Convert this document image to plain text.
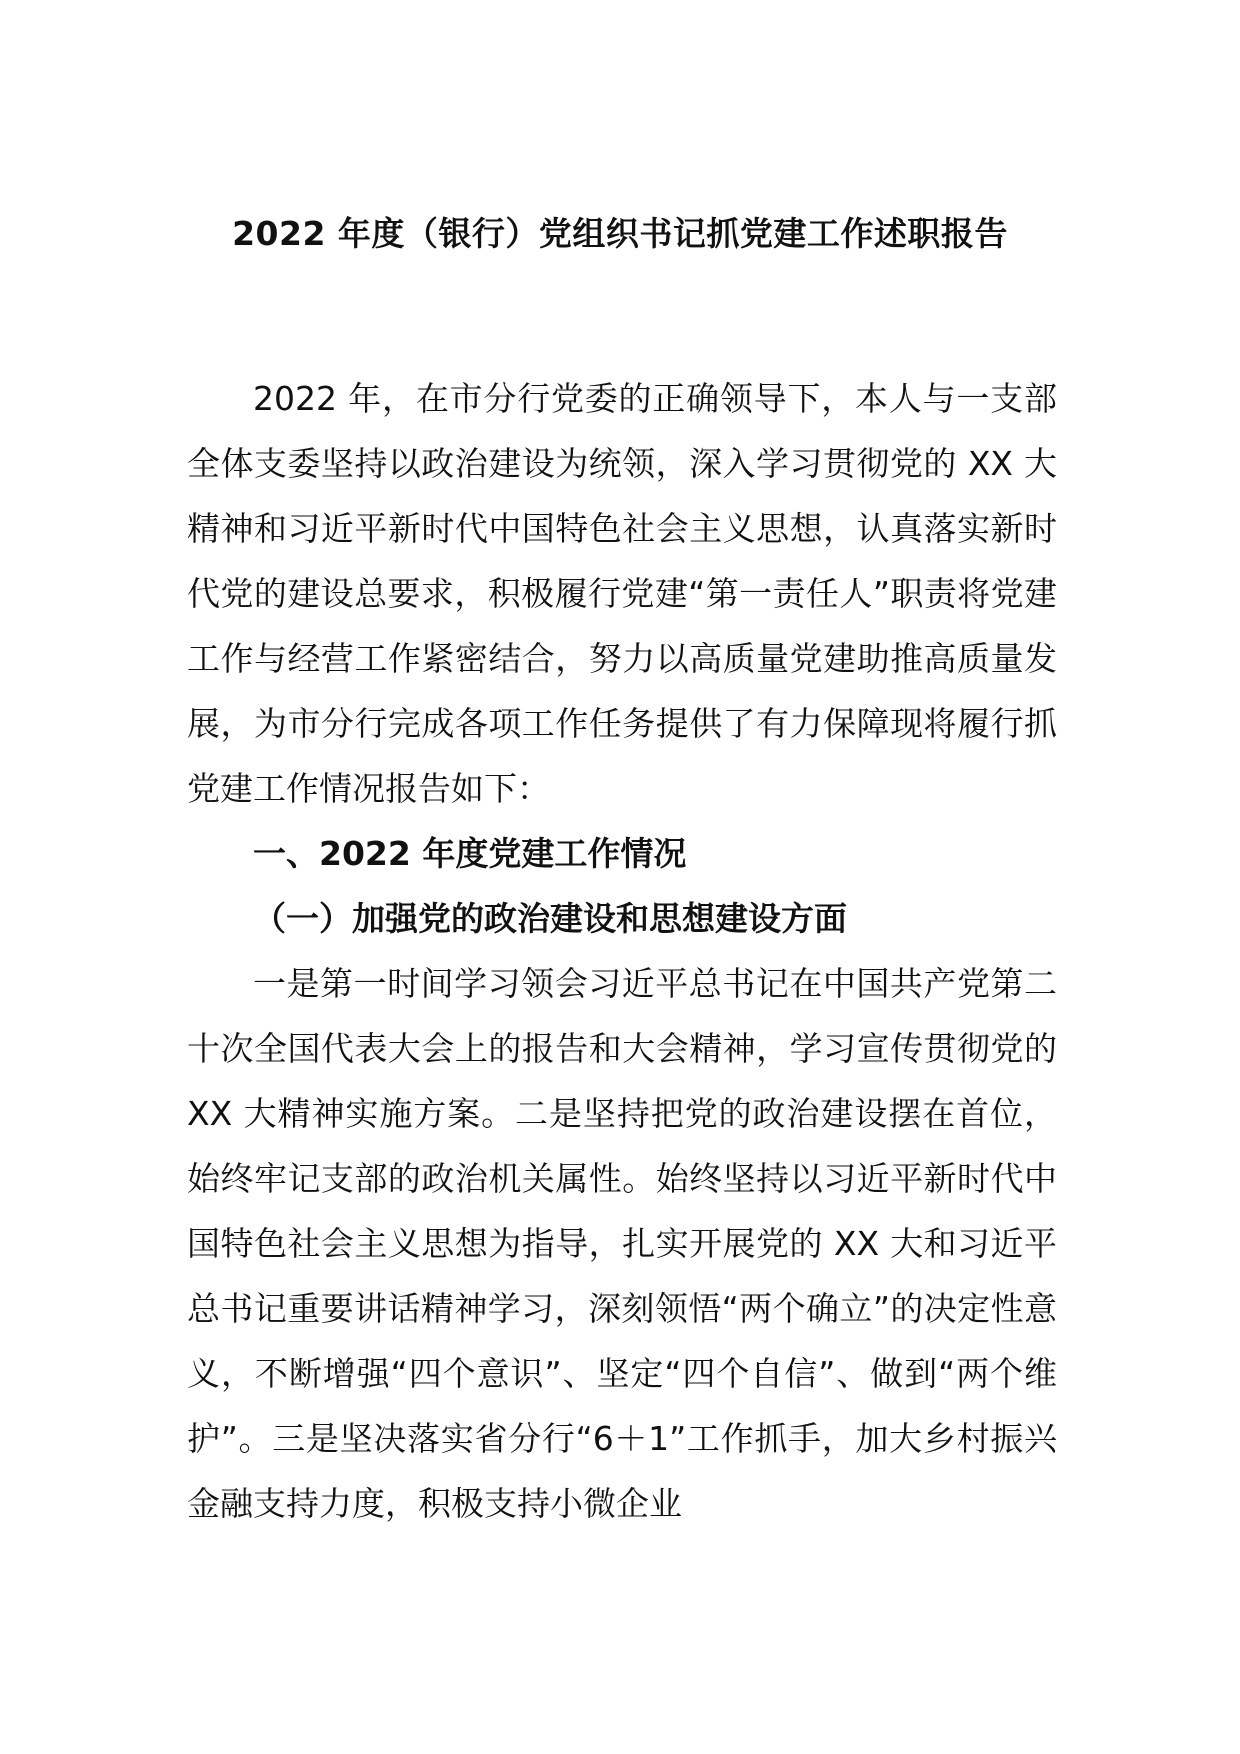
2022 年度（银行）党组织书记抓党建工作述职报告

2022 年，在市分行党委的正确领导下，本人与一支部全体支委坚持以政治建设为统领，深入学习贯彻党的 XX 大精神和习近平新时代中国特色社会主义思想，认真落实新时代党的建设总要求，积极履行党建“第一责任人”职责将党建工作与经营工作紧密结合，努力以高质量党建助推高质量发展，为市分行完成各项工作任务提供了有力保障现将履行抓党建工作情况报告如下：

一、2022 年度党建工作情况
（一）加强党的政治建设和思想建设方面

一是第一时间学习领会习近平总书记在中国共产党第二十次全国代表大会上的报告和大会精神，学习宣传贯彻党的 XX 大精神实施方案。二是坚持把党的政治建设摆在首位，始终牢记支部的政治机关属性。始终坚持以习近平新时代中国特色社会主义思想为指导，扎实开展党的 XX 大和习近平总书记重要讲话精神学习，深刻领悟“两个确立”的决定性意义，不断增强“四个意识”、坚定“四个自信”、做到“两个维护”。三是坚决落实省分行“6＋1”工作抓手，加大乡村振兴金融支持力度，积极支持小微企业
